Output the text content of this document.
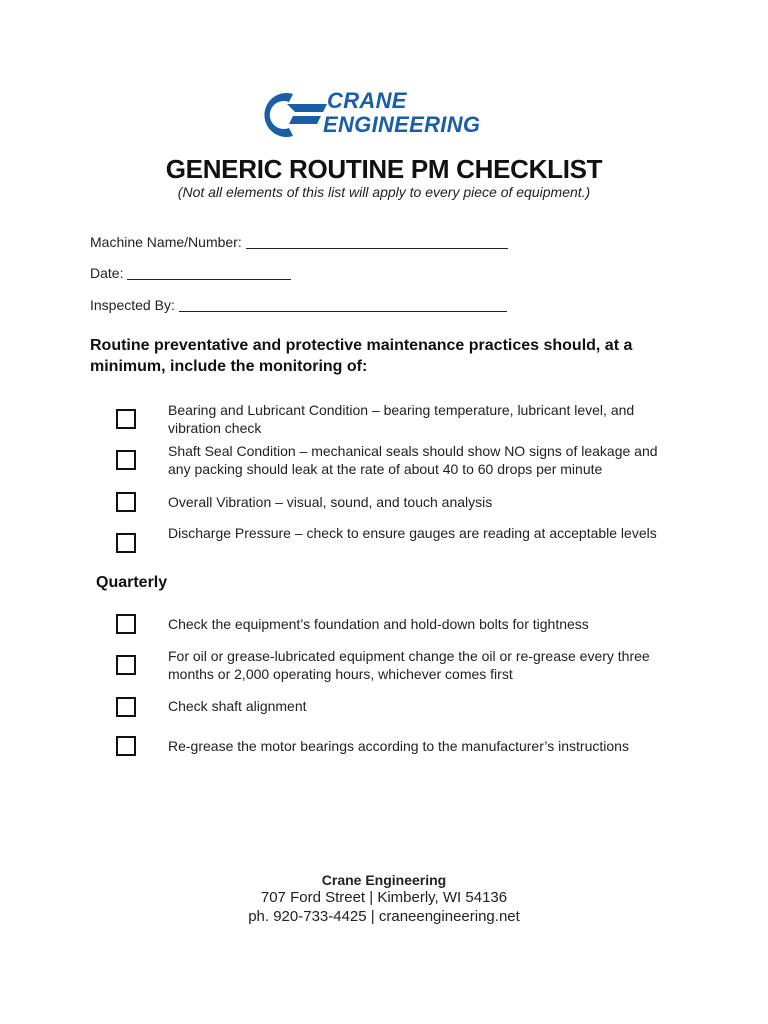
CRANE
ENGINEERING
GENERIC ROUTINE PM CHECKLIST
(Not all elements of this list will apply to every piece of equipment.)
Machine Name/Number:
Date:
Inspected By:
Routine preventative and protective maintenance practices should, at a minimum, include the monitoring of:
Bearing and Lubricant Condition – bearing temperature, lubricant level, and vibration check
Shaft Seal Condition – mechanical seals should show NO signs of leakage and any packing should leak at the rate of about 40 to 60 drops per minute
Overall Vibration – visual, sound, and touch analysis
Discharge Pressure – check to ensure gauges are reading at acceptable levels
Quarterly
Check the equipment’s foundation and hold-down bolts for tightness
For oil or grease-lubricated equipment change the oil or re-grease every three months or 2,000 operating hours, whichever comes first
Check shaft alignment
Re-grease the motor bearings according to the manufacturer’s instructions
Crane Engineering
707 Ford Street | Kimberly, WI 54136
ph. 920-733-4425 | craneengineering.net
